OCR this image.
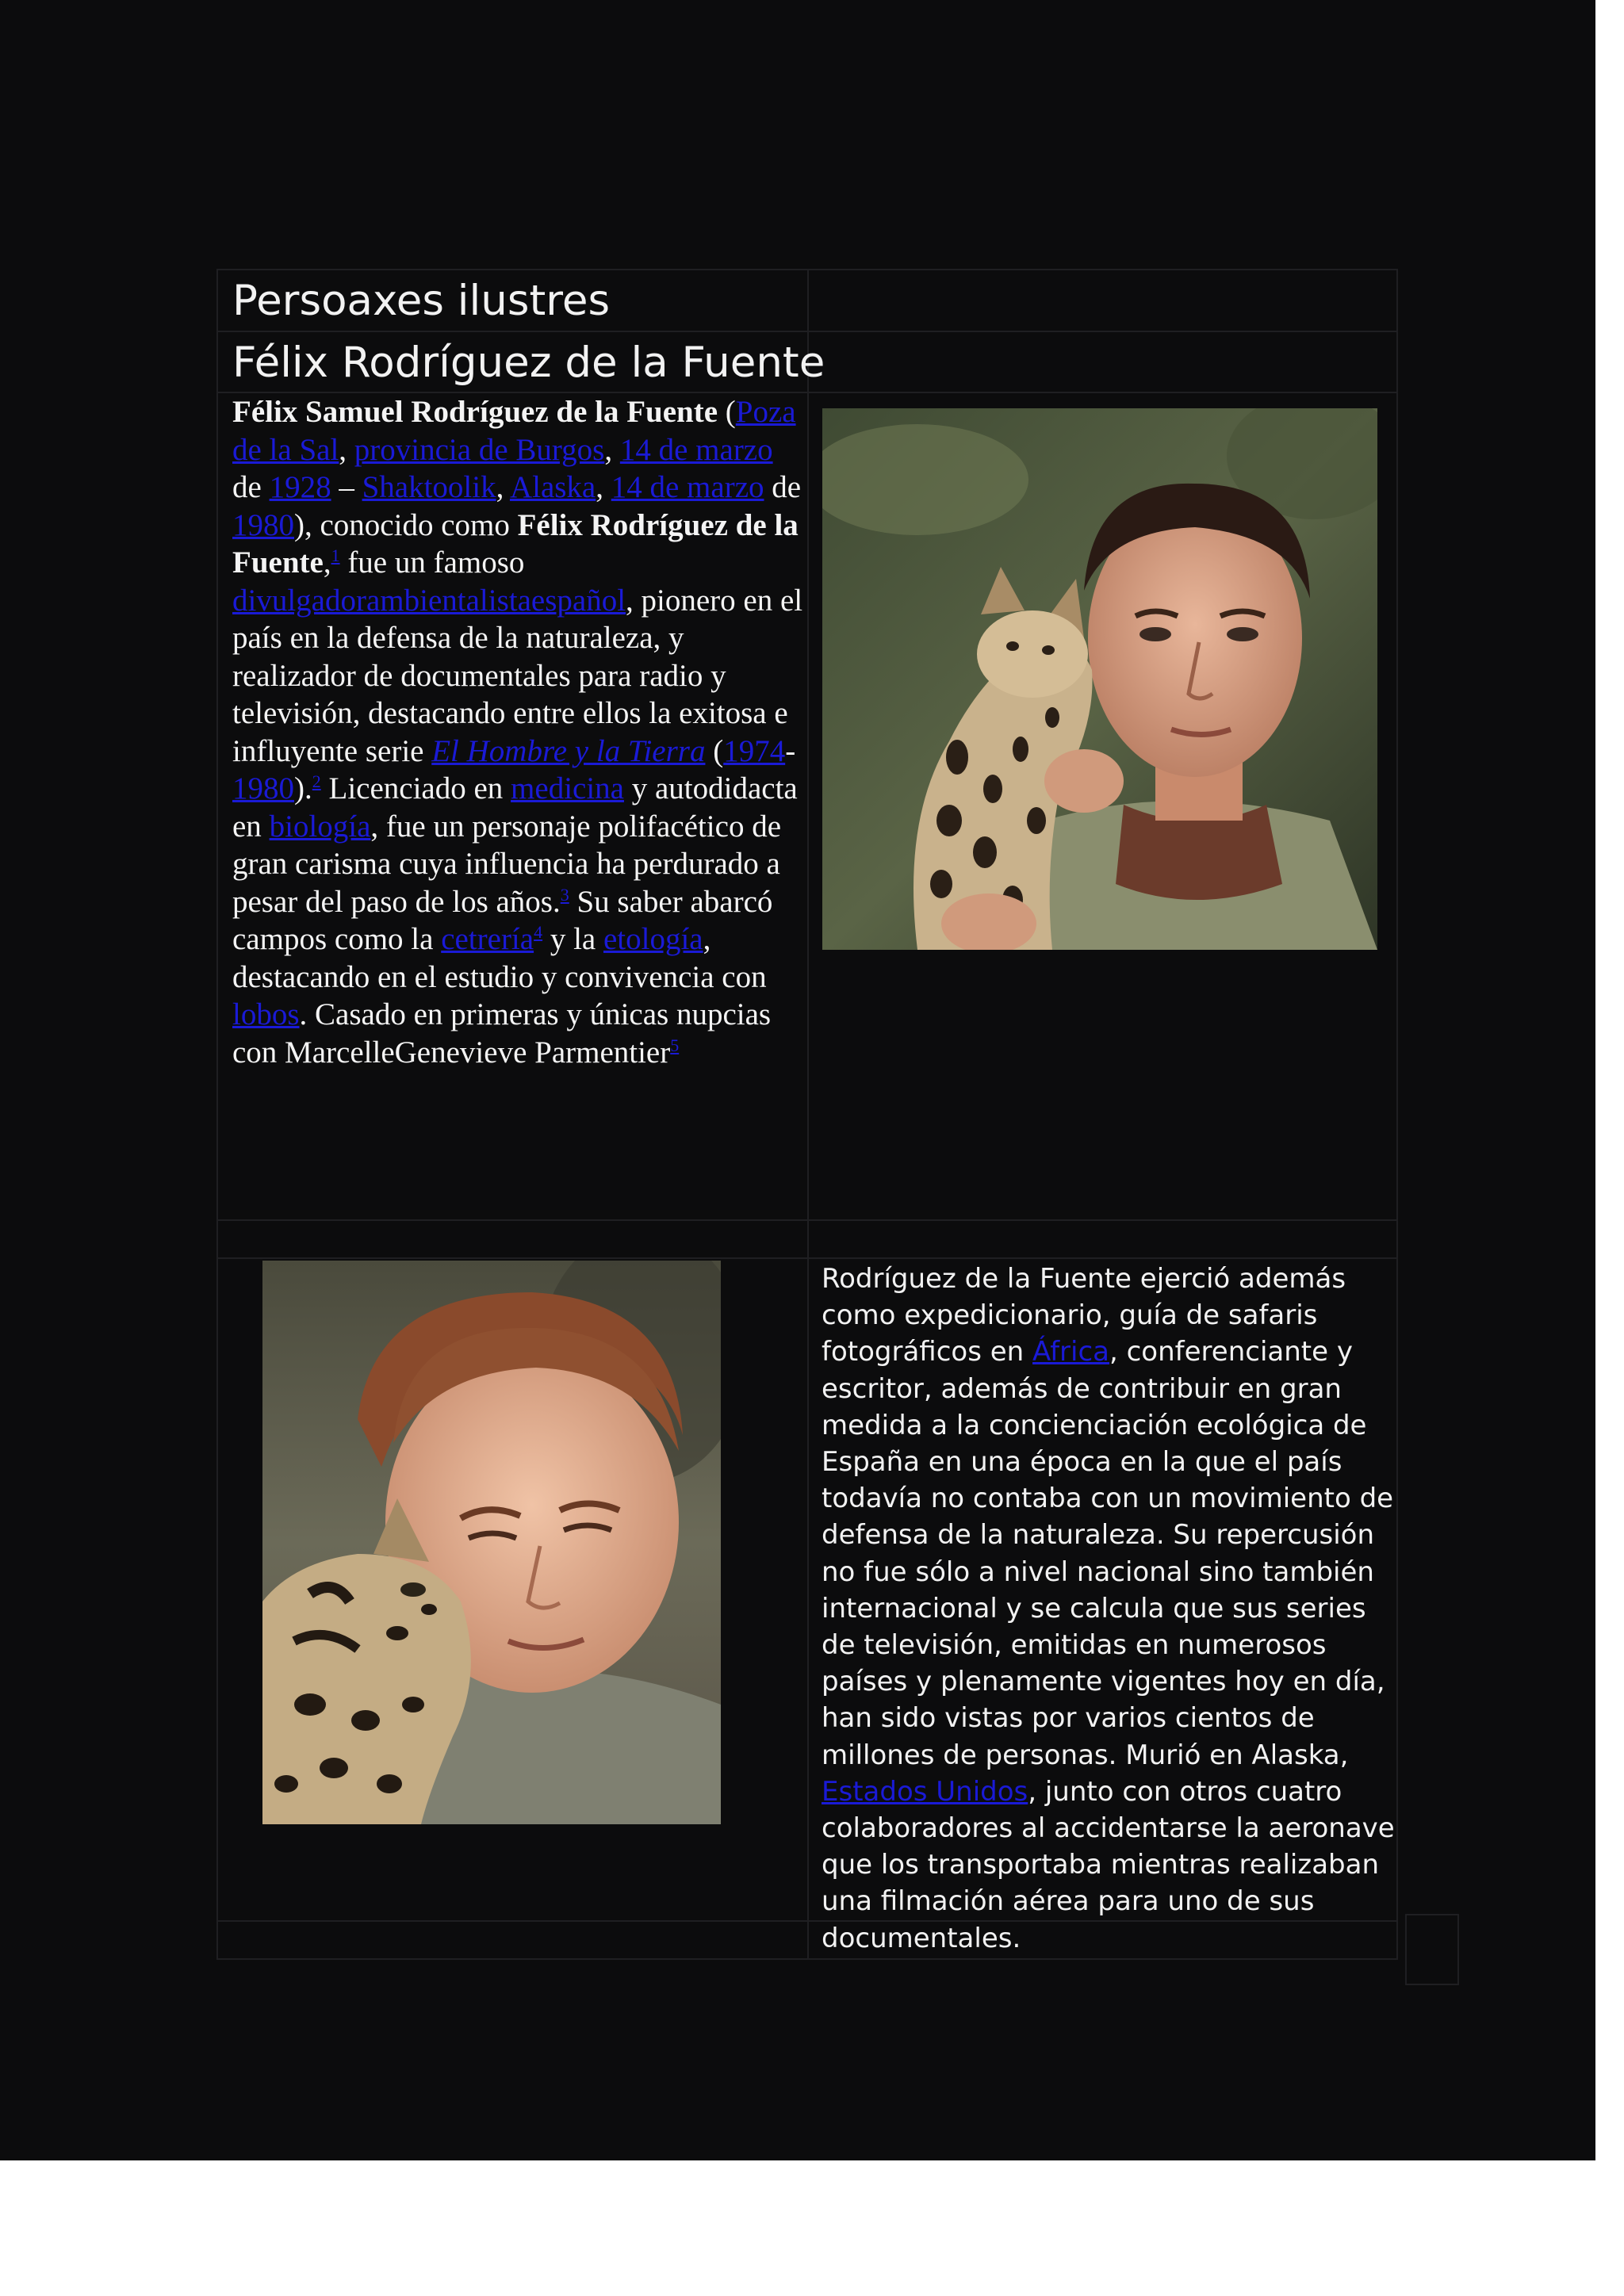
Persoaxes ilustres
Félix Rodríguez de la Fuente
Félix Samuel Rodríguez de la Fuente (Poza de la Sal, provincia de Burgos, 14 de marzo de 1928 – Shaktoolik, Alaska, 14 de marzo de 1980), conocido como Félix Rodríguez de la Fuente,$^1$ fue un famoso divulgadorambientalistaespañol, pionero en el país en la defensa de la naturaleza, y realizador de documentales para radio y televisión, destacando entre ellos la exitosa e influyente serie El Hombre y la Tierra (1974-1980).$^2$ Licenciado en medicina y autodidacta en biología, fue un personaje polifacético de gran carisma cuya influencia ha perdurado a pesar del paso de los años.$^3$ Su saber abarcó campos como la cetrería$^4$ y la etología, destacando en el estudio y convivencia con lobos. Casado en primeras y únicas nupcias con MarcelleGenevieve Parmentier$^5$
Rodríguez de la Fuente ejerció además como expedicionario, guía de safaris fotográficos en África, conferenciante y escritor, además de contribuir en gran medida a la concienciación ecológica de España en una época en la que el país todavía no contaba con un movimiento de defensa de la naturaleza. Su repercusión no fue sólo a nivel nacional sino también internacional y se calcula que sus series de televisión, emitidas en numerosos países y plenamente vigentes hoy en día, han sido vistas por varios cientos de millones de personas. Murió en Alaska, Estados Unidos, junto con otros cuatro colaboradores al accidentarse la aeronave que los transportaba mientras realizaban una filmación aérea para uno de sus documentales.
